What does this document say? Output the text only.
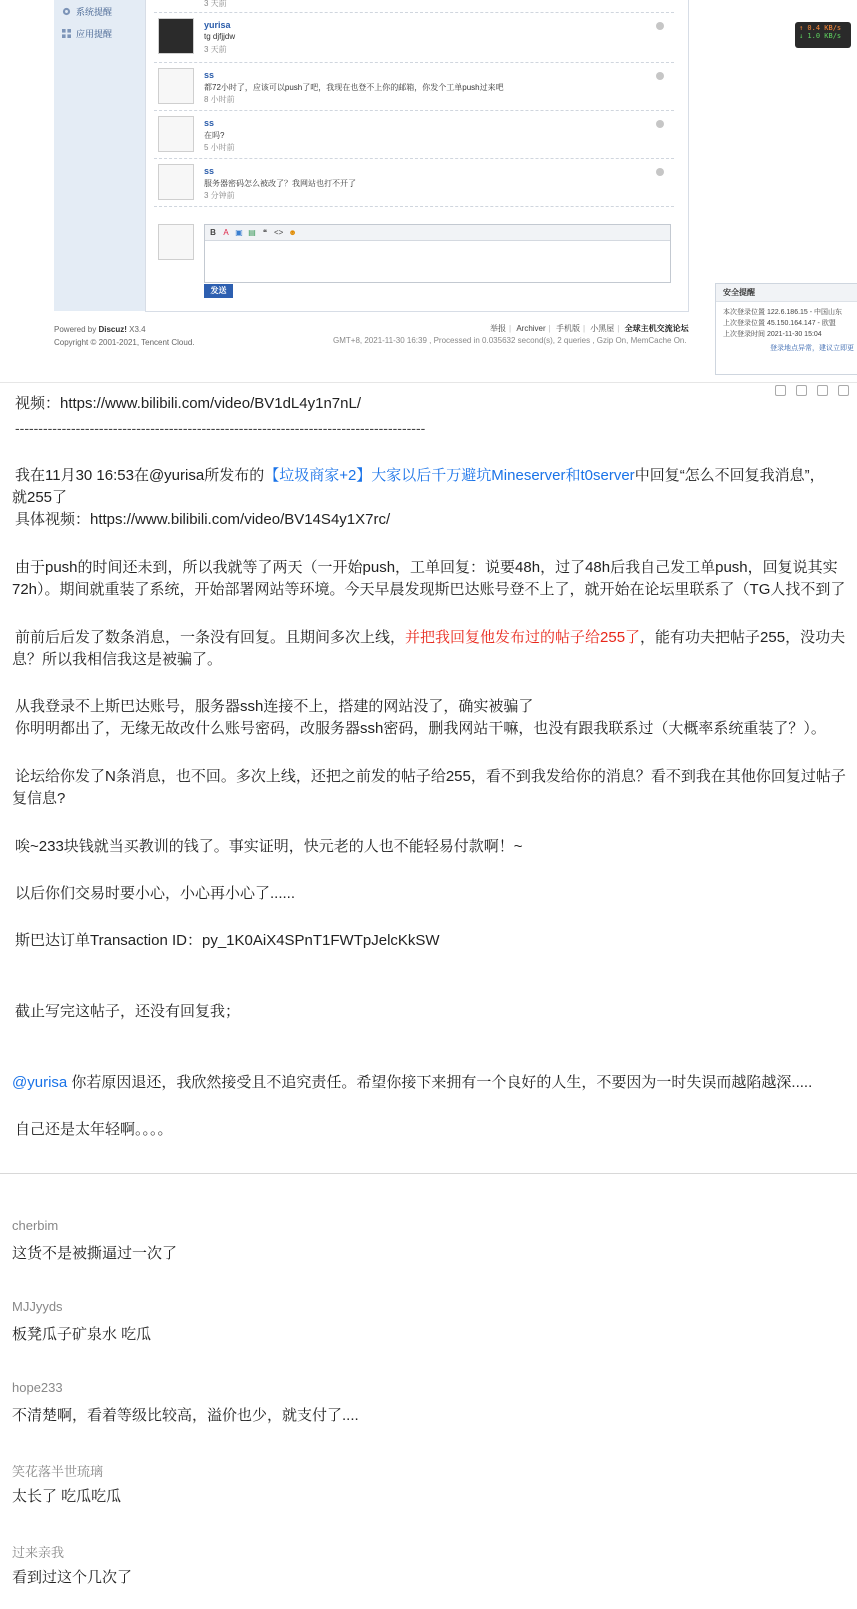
系统提醒
应用提醒
3 天前
yurisa
tg djfjjdw
3 天前
ss
都72小时了，应该可以push了吧，我现在也登不上你的邮箱，你发个工单push过来吧
8 小时前
ss
在吗?
5 小时前
ss
服务器密码怎么被改了？我网站也打不开了
3 分钟前
B A ▣ ▤ ❝ <> ☻
发送
↑ 0.4 KB/s
↓ 1.0 KB/s
Powered by Discuz! X3.4
Copyright © 2001-2021, Tencent Cloud.
举报 | Archiver | 手机版 | 小黑屋 | 全球主机交流论坛
GMT+8, 2021-11-30 16:39 , Processed in 0.035632 second(s), 2 queries , Gzip On, MemCache On.
安全提醒
本次登录位置 122.6.186.15 - 中国山东
上次登录位置 45.150.164.147 - 欧盟
上次登录时间 2021-11-30 15:04
登录地点异常，建议立即更
视频：https://www.bilibili.com/video/BV1dL4y1n7nL/
----------------------------------------------------------------------------------------
我在11月30 16:53在@yurisa所发布的【垃圾商家+2】大家以后千万避坑Mineserver和t0server中回复“怎么不回复我消息”，
就255了
具体视频：https://www.bilibili.com/video/BV14S4y1X7rc/
由于push的时间还未到，所以我就等了两天（一开始push，工单回复：说要48h，过了48h后我自己发工单push，回复说其实
72h）。期间就重装了系统，开始部署网站等环境。今天早晨发现斯巴达账号登不上了，就开始在论坛里联系了（TG人找不到了
前前后后发了数条消息，一条没有回复。且期间多次上线，并把我回复他发布过的帖子给255了，能有功夫把帖子255，没功夫
息？所以我相信我这是被骗了。
从我登录不上斯巴达账号，服务器ssh连接不上，搭建的网站没了，确实被骗了
你明明都出了，无缘无故改什么账号密码，改服务器ssh密码，删我网站干嘛，也没有跟我联系过（大概率系统重装了？）。
论坛给你发了N条消息，也不回。多次上线，还把之前发的帖子给255，看不到我发给你的消息？看不到我在其他你回复过帖子
复信息?
唉~233块钱就当买教训的钱了。事实证明，快元老的人也不能轻易付款啊！~
以后你们交易时要小心，小心再小心了......
斯巴达订单Transaction ID：py_1K0AiX4SPnT1FWTpJelcKkSW
截止写完这帖子，还没有回复我；
@yurisa 你若原因退还，我欣然接受且不追究责任。希望你接下来拥有一个良好的人生，不要因为一时失误而越陷越深.....
自己还是太年轻啊。。。。
cherbim
这货不是被撕逼过一次了
MJJyyds
板凳瓜子矿泉水 吃瓜
hope233
不清楚啊，看着等级比较高，溢价也少，就支付了....
笑花落半世琉璃
太长了 吃瓜吃瓜
过来亲我
看到过这个几次了
